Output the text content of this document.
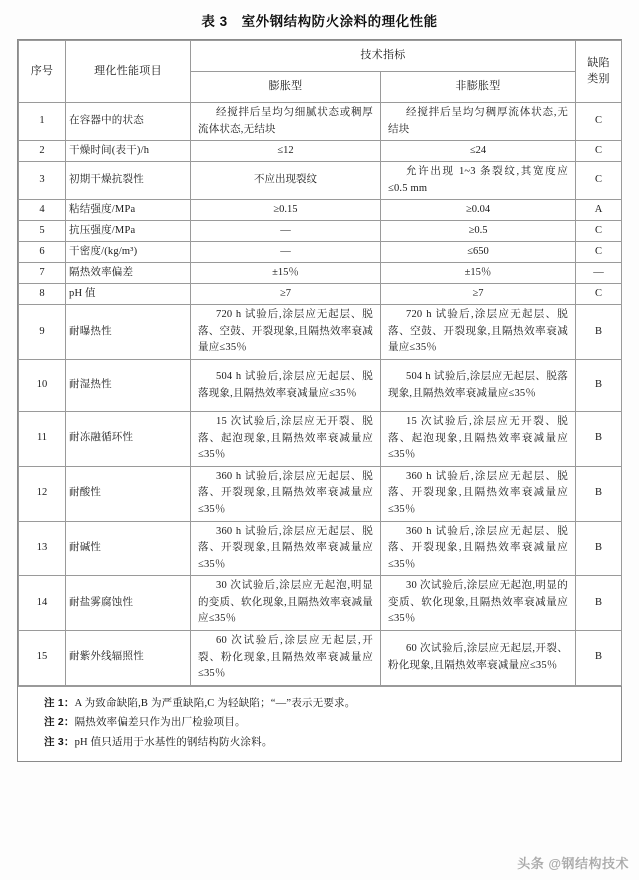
表 3　室外钢结构防火涂料的理化性能
序号	理化性能项目	技术指标		缺陷
类别

		膨胀型	非膨胀型	
1	在容器中的状态	经搅拌后呈均匀细腻状态或稠厚流体状态,无结块	经搅拌后呈均匀稠厚流体状态,无结块	C
2	干燥时间(表干)/h	≤12	≤24	C
3	初期干燥抗裂性	不应出现裂纹	允许出现 1~3 条裂纹,其宽度应≤0.5 mm	C
4	粘结强度/MPa	≥0.15	≥0.04	A
5	抗压强度/MPa	—	≥0.5	C
6	干密度/(kg/m³)	—	≤650	C
7	隔热效率偏差	±15％	±15％	—
8	pH 值	≥7	≥7	C
9	耐曝热性	720 h 试验后,涂层应无起层、脱落、空鼓、开裂现象,且隔热效率衰减量应≤35％	720 h 试验后,涂层应无起层、脱落、空鼓、开裂现象,且隔热效率衰减量应≤35％	B
10	耐湿热性	504 h 试验后,涂层应无起层、脱落现象,且隔热效率衰减量应≤35％	504 h 试验后,涂层应无起层、脱落现象,且隔热效率衰减量应≤35％	B
11	耐冻融循环性	15 次试验后,涂层应无开裂、脱落、起泡现象,且隔热效率衰减量应≤35％	15 次试验后,涂层应无开裂、脱落、起泡现象,且隔热效率衰减量应≤35％	B
12	耐酸性	360 h 试验后,涂层应无起层、脱落、开裂现象,且隔热效率衰减量应≤35％	360 h 试验后,涂层应无起层、脱落、开裂现象,且隔热效率衰减量应≤35％	B
13	耐碱性	360 h 试验后,涂层应无起层、脱落、开裂现象,且隔热效率衰减量应≤35％	360 h 试验后,涂层应无起层、脱落、开裂现象,且隔热效率衰减量应≤35％	B
14	耐盐雾腐蚀性	30 次试验后,涂层应无起泡,明显的变质、软化现象,且隔热效率衰减量应≤35％	30 次试验后,涂层应无起泡,明显的变质、软化现象,且隔热效率衰减量应≤35％	B
15	耐紫外线辐照性	60 次试验后,涂层应无起层,开裂、粉化现象,且隔热效率衰减量应≤35％	60 次试验后,涂层应无起层,开裂、粉化现象,且隔热效率衰减量应≤35％	B
注 1：A 为致命缺陷,B 为严重缺陷,C 为轻缺陷；“—”表示无要求。
注 2：隔热效率偏差只作为出厂检验项目。
注 3：pH 值只适用于水基性的钢结构防火涂料。
头条 @钢结构技术
